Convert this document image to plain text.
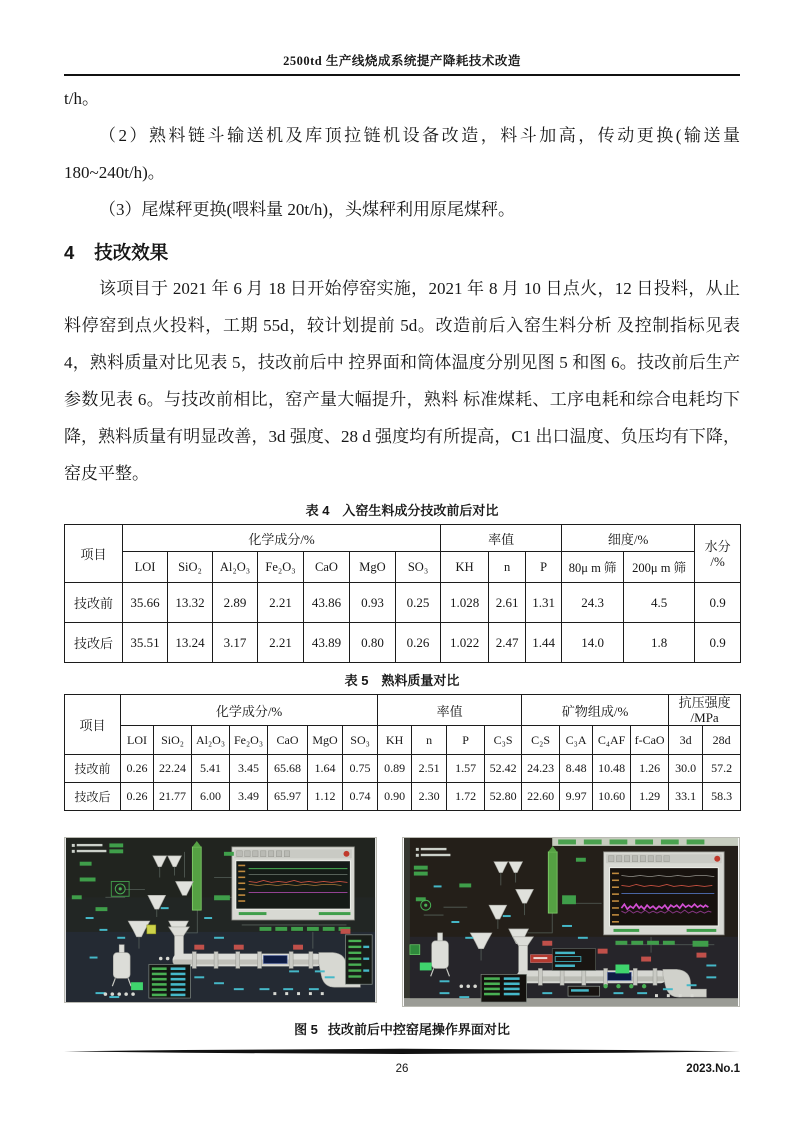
2500td 生产线烧成系统提产降耗技术改造

t/h。

（2）熟料链斗输送机及库顶拉链机设备改造，料斗加高，传动更换(输送量 180~240t/h)。

（3）尾煤秤更换(喂料量 20t/h)，头煤秤利用原尾煤秤。

4 技改效果

该项目于 2021 年 6 月 18 日开始停窑实施，2021 年 8 月 10 日点火，12 日投料，从止料停窑到点火投料，工期 55d，较计划提前 5d。改造前后入窑生料分析 及控制指标见表 4，熟料质量对比见表 5，技改前后中 控界面和筒体温度分别见图 5 和图 6。技改前后生产 参数见表 6。与技改前相比，窑产量大幅提升，熟料 标准煤耗、工序电耗和综合电耗均下降，熟料质量有明显改善，3d 强度、28 d 强度均有所提高，C1 出口温度、负压均有下降，窑皮平整。

表 4　入窑生料成分技改前后对比
项目	化学成分/%							率值			细度/%		水分
/%

	LOI	SiO₂	Al₂O₃	Fe₂O₃	CaO	MgO	SO₃	KH	n	P	80μ m 筛	200μ m 筛	
技改前	35.66	13.32	2.89	2.21	43.86	0.93	0.25	1.028	2.61	1.31	24.3	4.5	0.9
技改后	35.51	13.24	3.17	2.21	43.89	0.80	0.26	1.022	2.47	1.44	14.0	1.8	0.9
表 5　熟料质量对比
项目	化学成分/%							率值				矿物组成/%				抗压强度
/MPa	

	LOI	SiO₂	Al₂O₃	Fe₂O₃	CaO	MgO	SO₃	KH	n	P	C₃S	C₂S	C₃A	C₄AF	f-CaO	3d	28d
技改前	0.26	22.24	5.41	3.45	65.68	1.64	0.75	0.89	2.51	1.57	52.42	24.23	8.48	10.48	1.26	30.0	57.2
技改后	0.26	21.77	6.00	3.49	65.97	1.12	0.74	0.90	2.30	1.72	52.80	22.60	9.97	10.60	1.29	33.1	58.3
图 5 技改前后中控窑尾操作界面对比
26	2023.No.1
